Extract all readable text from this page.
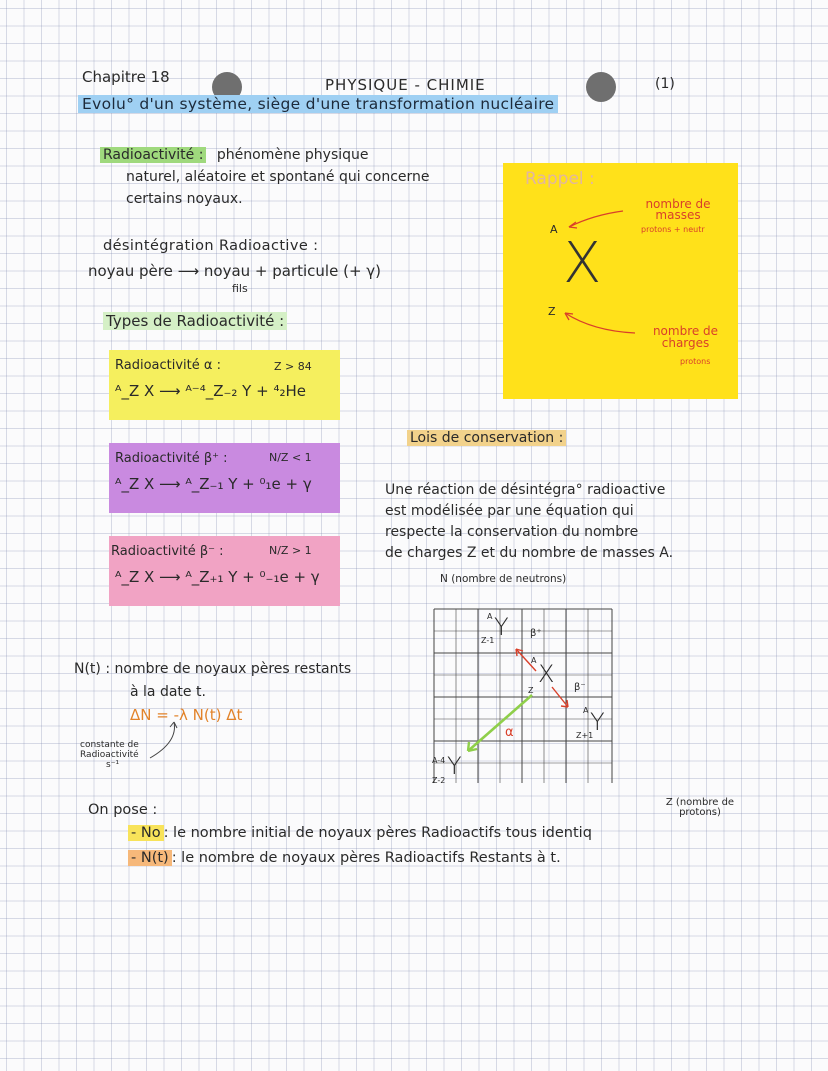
Chapitre 18	PHYSIQUE - CHIMIE	(1)
Evolu° d'un système, siège d'une transformation nucléaire
Radioactivité : phénomène physique
naturel, aléatoire et spontané qui concerne
certains noyaux.
désintégration Radioactive :
noyau père ⟶ noyau + particule (+ γ)
fils
Types de Radioactivité :
Radioactivité α :	Z > 84
ᴬ_Z X ⟶ ᴬ⁻⁴_Z₋₂ Y + ⁴₂He
Radioactivité β⁺ :	N/Z < 1
ᴬ_Z X ⟶ ᴬ_Z₋₁ Y + ⁰₁e + γ
Radioactivité β⁻ :	N/Z > 1
ᴬ_Z X ⟶ ᴬ_Z₊₁ Y + ⁰₋₁e + γ
Rappel :
A
X
Z
nombre de masses
protons + neutr
nombre de charges
protons
Lois de conservation :
Une réaction de désintégra° radioactive
est modélisée par une équation qui
respecte la conservation du nombre
de charges Z et du nombre de masses A.
N (nombre de neutrons)
β⁺
β⁻
α
A Y
Z-1
A X
Z
A Y
Z+1
A-4 Y
Z-2
Z (nombre de protons)
N(t) : nombre de noyaux pères restants
à la date t.
ΔN = -λ N(t) Δt
constante de
Radioactivité
s⁻¹
On pose :
- No : le nombre initial de noyaux pères Radioactifs tous identiq
- N(t) : le nombre de noyaux pères Radioactifs Restants à t.
